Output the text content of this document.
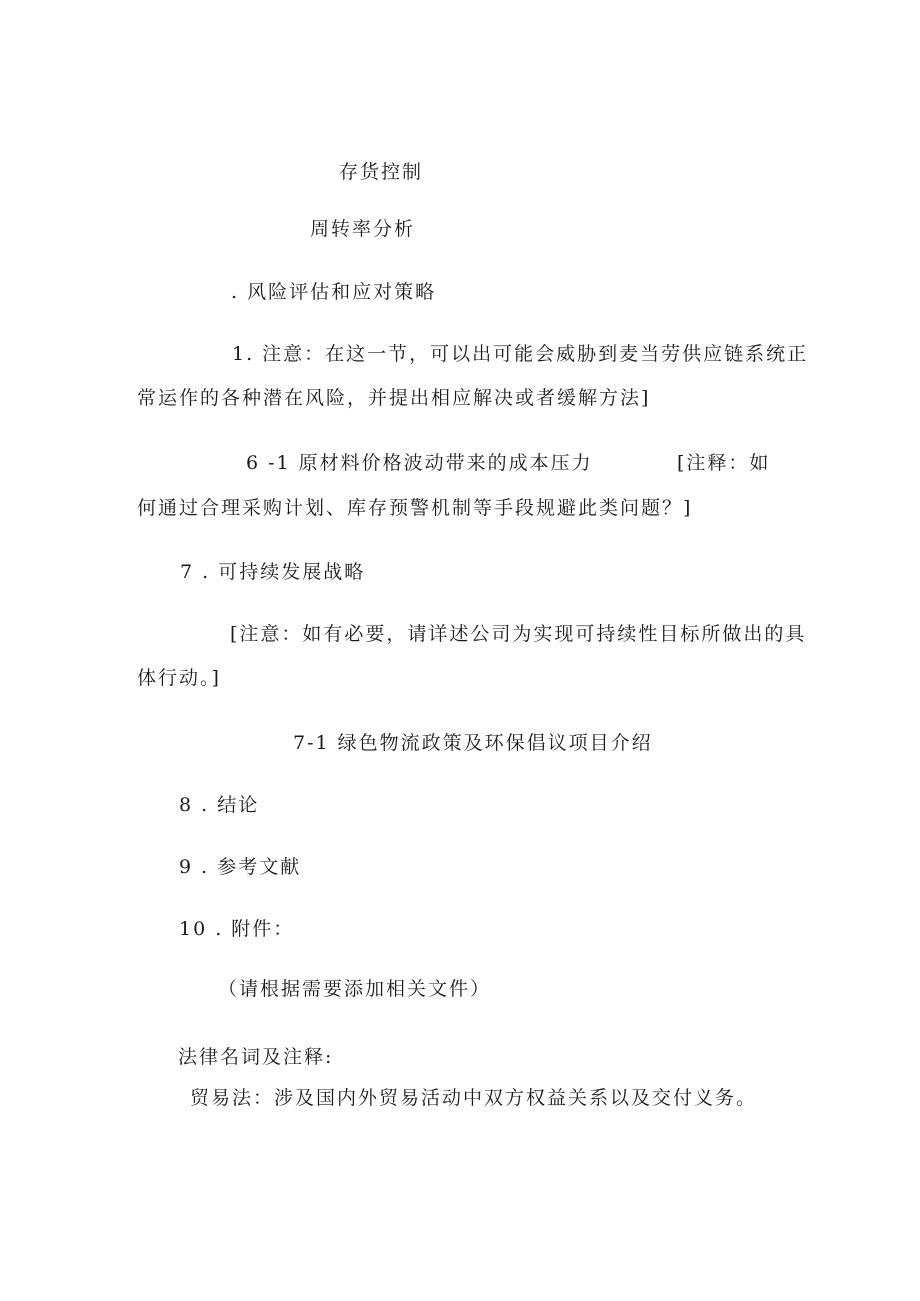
存货控制
周转率分析
. 风险评估和应对策略
1. 注意：在这一节，可以出可能会威胁到麦当劳供应链系统正
常运作的各种潜在风险，并提出相应解决或者缓解方法]
6 -1 原材料价格波动带来的成本压力	[注释：如
何通过合理采购计划、库存预警机制等手段规避此类问题？]
7 . 可持续发展战略
[注意：如有必要，请详述公司为实现可持续性目标所做出的具
体行动。]
7-1 绿色物流政策及环保倡议项目介绍
8 . 结论
9 . 参考文献
10 . 附件：
（请根据需要添加相关文件）
法律名词及注释:
贸易法：涉及国内外贸易活动中双方权益关系以及交付义务。
